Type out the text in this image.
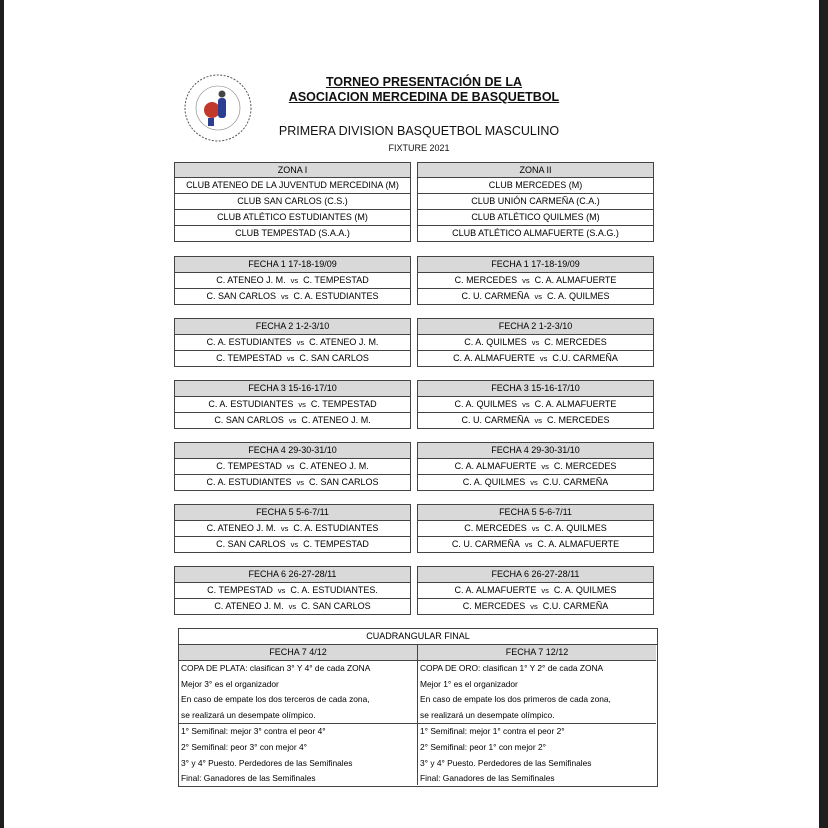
TORNEO PRESENTACIÓN DE LA
ASOCIACION MERCEDINA DE BASQUETBOL
PRIMERA DIVISION BASQUETBOL MASCULINO
FIXTURE 2021
ZONA I
CLUB ATENEO DE LA JUVENTUD MERCEDINA (M)
CLUB SAN CARLOS (C.S.)
CLUB ATLÉTICO ESTUDIANTES (M)
CLUB TEMPESTAD (S.A.A.)
ZONA II
CLUB MERCEDES (M)
CLUB UNIÓN CARMEÑA (C.A.)
CLUB ATLÉTICO QUILMES (M)
CLUB ATLÉTICO ALMAFUERTE (S.A.G.)
FECHA 1 17-18-19/09
C. ATENEO J. M. vs C. TEMPESTAD
C. SAN CARLOS vs C. A. ESTUDIANTES
FECHA 1 17-18-19/09
C. MERCEDES vs C. A. ALMAFUERTE
C. U. CARMEÑA vs C. A. QUILMES
FECHA 2 1-2-3/10
C. A. ESTUDIANTES vs C. ATENEO J. M.
C. TEMPESTAD vs C. SAN CARLOS
FECHA 2 1-2-3/10
C. A. QUILMES vs C. MERCEDES
C. A. ALMAFUERTE vs C.U. CARMEÑA
FECHA 3 15-16-17/10
C. A. ESTUDIANTES vs C. TEMPESTAD
C. SAN CARLOS vs C. ATENEO J. M.
FECHA 3 15-16-17/10
C. A. QUILMES vs C. A. ALMAFUERTE
C. U. CARMEÑA vs C. MERCEDES
FECHA 4 29-30-31/10
C. TEMPESTAD vs C. ATENEO J. M.
C. A. ESTUDIANTES vs C. SAN CARLOS
FECHA 4 29-30-31/10
C. A. ALMAFUERTE vs C. MERCEDES
C. A. QUILMES vs C.U. CARMEÑA
FECHA 5 5-6-7/11
C. ATENEO J. M. vs C. A. ESTUDIANTES
C. SAN CARLOS vs C. TEMPESTAD
FECHA 5 5-6-7/11
C. MERCEDES vs C. A. QUILMES
C. U. CARMEÑA vs C. A. ALMAFUERTE
FECHA 6 26-27-28/11
C. TEMPESTAD vs C. A. ESTUDIANTES.
C. ATENEO J. M. vs C. SAN CARLOS
FECHA 6 26-27-28/11
C. A. ALMAFUERTE vs C. A. QUILMES
C. MERCEDES vs C.U. CARMEÑA
CUADRANGULAR FINAL
FECHA 7 4/12
COPA DE PLATA: clasifican 3° Y 4° de cada ZONA
Mejor 3° es el organizador
En caso de empate los dos terceros de cada zona,
se realizará un desempate olímpico.
1° Semifinal: mejor 3° contra el peor 4°
2° Semifinal: peor 3° con mejor 4°
3° y 4° Puesto. Perdedores de las Semifinales
Final: Ganadores de las Semifinales
FECHA 7 12/12
COPA DE ORO: clasifican 1° Y 2° de cada ZONA
Mejor 1° es el organizador
En caso de empate los dos primeros de cada zona,
se realizará un desempate olímpico.
1° Semifinal: mejor 1° contra el peor 2°
2° Semifinal: peor 1° con mejor 2°
3° y 4° Puesto. Perdedores de las Semifinales
Final: Ganadores de las Semifinales
